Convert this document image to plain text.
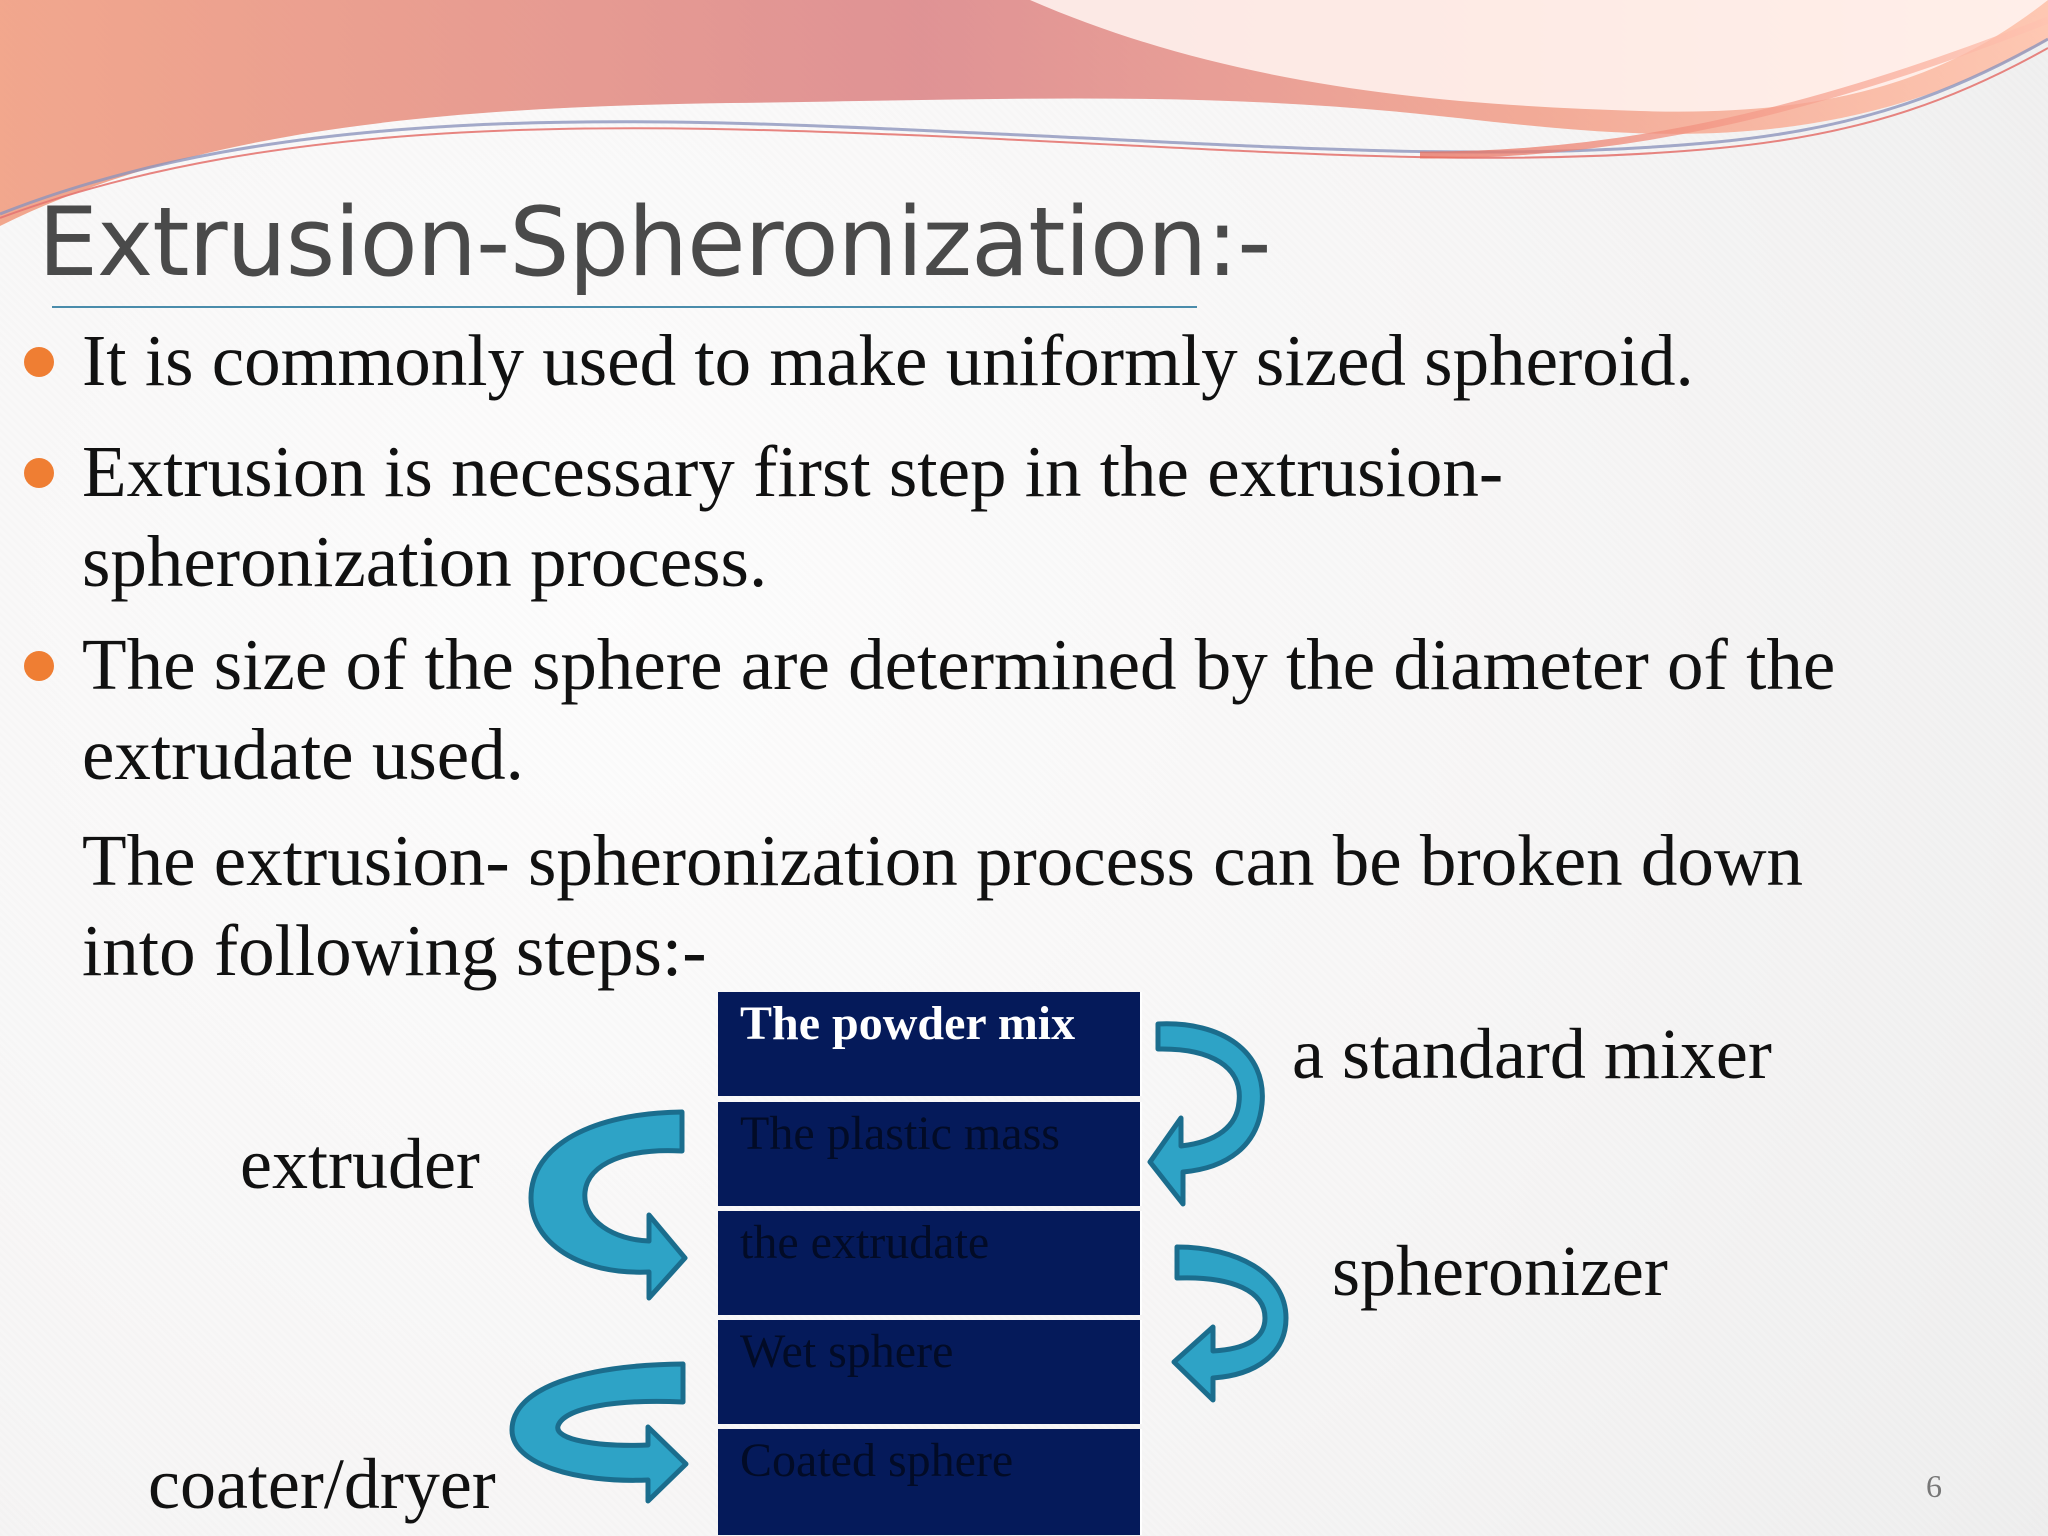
Extrusion-Spheronization:-
It is commonly used to make uniformly sized spheroid.
Extrusion is necessary first step in the extrusion-
spheronization process.
The size of the sphere are determined by the diameter of the
extrudate used.
The extrusion- spheronization process can be broken down
into following steps:-
The powder mix
The plastic mass
the extrudate
Wet sphere
Coated sphere
a standard mixer
extruder
spheronizer
coater/dryer	6
